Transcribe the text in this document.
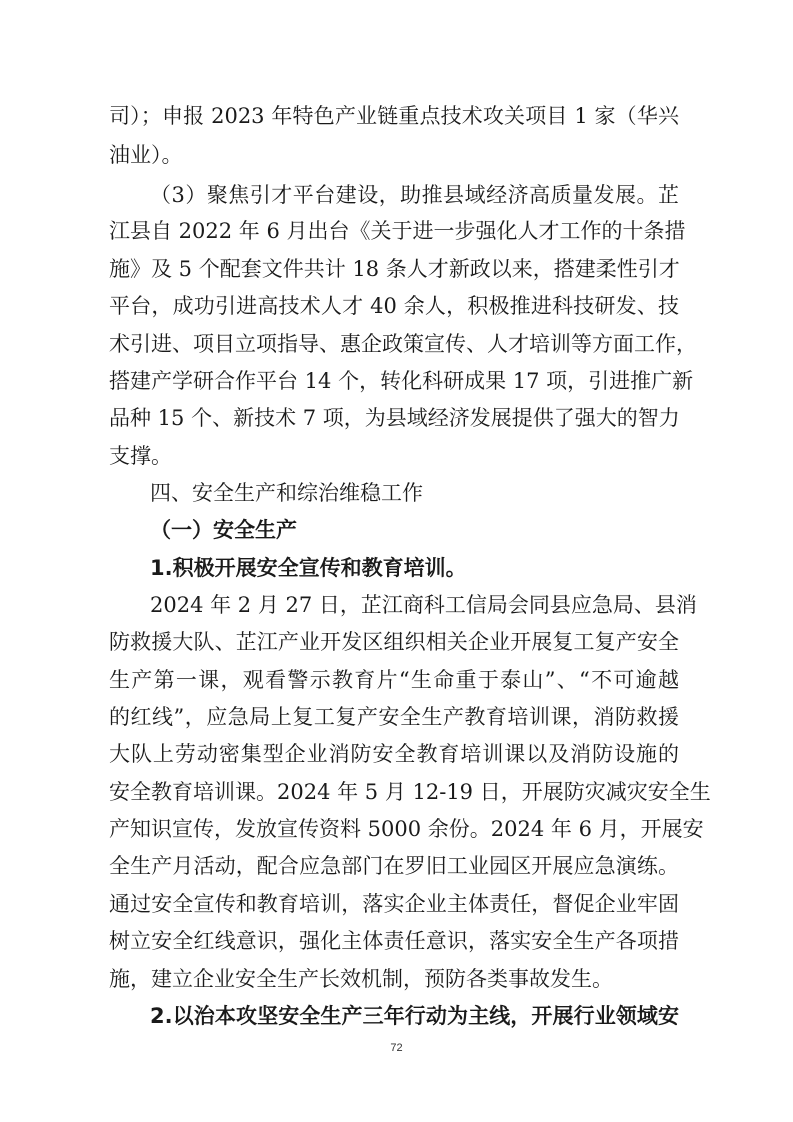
司）；申报 2023 年特色产业链重点技术攻关项目 1 家（华兴
油业）。
（3）聚焦引才平台建设，助推县域经济高质量发展。芷
江县自 2022 年 6 月出台《关于进一步强化人才工作的十条措
施》及 5 个配套文件共计 18 条人才新政以来，搭建柔性引才
平台，成功引进高技术人才 40 余人，积极推进科技研发、技
术引进、项目立项指导、惠企政策宣传、人才培训等方面工作，
搭建产学研合作平台 14 个，转化科研成果 17 项，引进推广新
品种 15 个、新技术 7 项，为县域经济发展提供了强大的智力
支撑。
四、安全生产和综治维稳工作
（一）安全生产
1.积极开展安全宣传和教育培训。
2024 年 2 月 27 日，芷江商科工信局会同县应急局、县消
防救援大队、芷江产业开发区组织相关企业开展复工复产安全
生产第一课，观看警示教育片“生命重于泰山”、“不可逾越
的红线”，应急局上复工复产安全生产教育培训课，消防救援
大队上劳动密集型企业消防安全教育培训课以及消防设施的
安全教育培训课。2024 年 5 月 12-19 日，开展防灾减灾安全生
产知识宣传，发放宣传资料 5000 余份。2024 年 6 月，开展安
全生产月活动，配合应急部门在罗旧工业园区开展应急演练。
通过安全宣传和教育培训，落实企业主体责任，督促企业牢固
树立安全红线意识，强化主体责任意识，落实安全生产各项措
施，建立企业安全生产长效机制，预防各类事故发生。
2.以治本攻坚安全生产三年行动为主线，开展行业领域安
72
